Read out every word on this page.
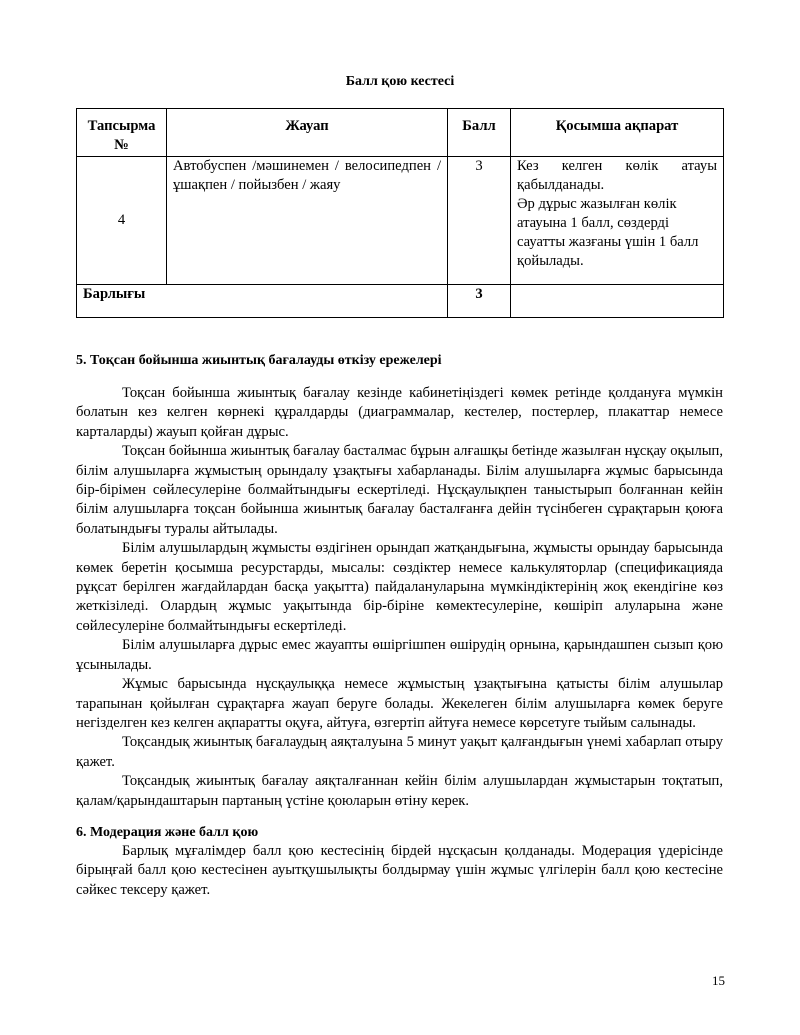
Балл қою кестесі
Тапсырма №	Жауап	Балл	Қосымша ақпарат
4	Автобуспен /мәшинемен / велосипедпен / ұшақпен / пойызбен / жаяу	3	Кез келген көлік атауы қабылданады.
Әр дұрыс жазылған көлік атауына 1 балл, сөздерді сауатты жазғаны үшін 1 балл қойылады.

Барлығы		3	
5. Тоқсан бойынша жиынтық бағалауды өткізу ережелері

Тоқсан бойынша жиынтық бағалау кезінде кабинетіңіздегі көмек ретінде қолдануға мүмкін болатын кез келген көрнекі құралдарды (диаграммалар, кестелер, постерлер, плакаттар немесе карталарды) жауып қойған дұрыс.

Тоқсан бойынша жиынтық бағалау басталмас бұрын алғашқы бетінде жазылған нұсқау оқылып, білім алушыларға жұмыстың орындалу ұзақтығы хабарланады. Білім алушыларға жұмыс барысында бір-бірімен сөйлесулеріне болмайтындығы ескертіледі. Нұсқаулықпен таныстырып болғаннан кейін білім алушыларға тоқсан бойынша жиынтық бағалау басталғанға дейін түсінбеген сұрақтарын қоюға болатындығы туралы айтылады.

Білім алушылардың жұмысты өздігінен орындап жатқандығына, жұмысты орындау барысында көмек беретін қосымша ресурстарды, мысалы: сөздіктер немесе калькуляторлар (спецификацияда рұқсат берілген жағдайлардан басқа уақытта) пайдалануларына мүмкіндіктерінің жоқ екендігіне көз жеткізіледі. Олардың жұмыс уақытында бір-біріне көмектесулеріне, көшіріп алуларына және сөйлесулеріне болмайтындығы ескертіледі.

Білім алушыларға дұрыс емес жауапты өшіргішпен өшірудің орнына, қарындашпен сызып қою ұсынылады.

Жұмыс барысында нұсқаулыққа немесе жұмыстың ұзақтығына қатысты білім алушылар тарапынан қойылған сұрақтарға жауап беруге болады. Жекелеген білім алушыларға көмек беруге негізделген кез келген ақпаратты оқуға, айтуға, өзгертіп айтуға немесе көрсетуге тыйым салынады.

Тоқсандық жиынтық бағалаудың аяқталуына 5 минут уақыт қалғандығын үнемі хабарлап отыру қажет.

Тоқсандық жиынтық бағалау аяқталғаннан кейін білім алушылардан жұмыстарын тоқтатып, қалам/қарындаштарын партаның үстіне қоюларын өтіну керек.

6. Модерация және балл қою

Барлық мұғалімдер балл қою кестесінің бірдей нұсқасын қолданады. Модерация үдерісінде бірыңғай балл қою кестесінен ауытқушылықты болдырмау үшін жұмыс үлгілерін балл қою кестесіне сәйкес тексеру қажет.

15
